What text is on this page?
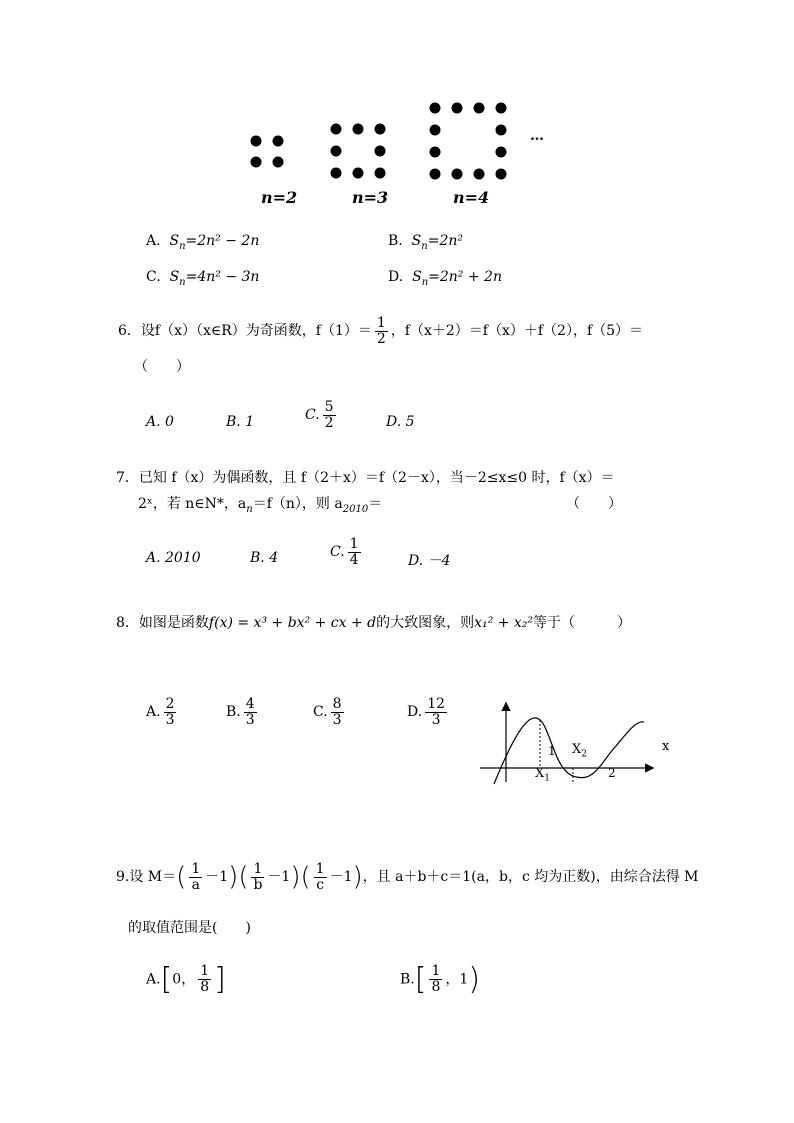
n=2	n=3	n=4
…
A. $S_n=2n^2 - 2n$	B. $S_n=2n^2$
C. $S_n=4n^2 - 3n$	D. $S_n=2n^2 + 2n$
6．设f（x）（x∈R）为奇函数，$f(1)= \frac{1}{2}$ ，f（x＋2）＝f（x）＋f（2），f（5）＝
（　　）
A. 0	B. 1	C. $\frac{5}{2}$	D. 5
7．已知 f（x）为偶函数，且 f（2＋x）＝f（2－x），当－2≤x≤0 时，f（x）＝
2ˣ，若 n∈N*，$a_n=f(n)$，则 $a_{2010}=$	（　　）
A. 2010	B. 4	C. $\frac{1}{4}$	D. －4
8．如图是函数f(x) = x³ + bx² + cx + d的大致图象，则x₁² + x₂²等于（　　　）
A. $\frac{2}{3}$	B. $\frac{4}{3}$	C. $\frac{8}{3}$	D. $\frac{12}{3}$
x
1 $X_2$
$X_1$	2
9.设 $M=( \frac{1}{a} -1)( \frac{1}{b} -1)( \frac{1}{c} -1)$，且 a＋b＋c＝1(a，b，c 均为正数)，由综合法得 M
的取值范围是(　　)
A.[0， $\frac{1}{8}$ ]	$B.[ \frac{1}{8}$ ，1)
